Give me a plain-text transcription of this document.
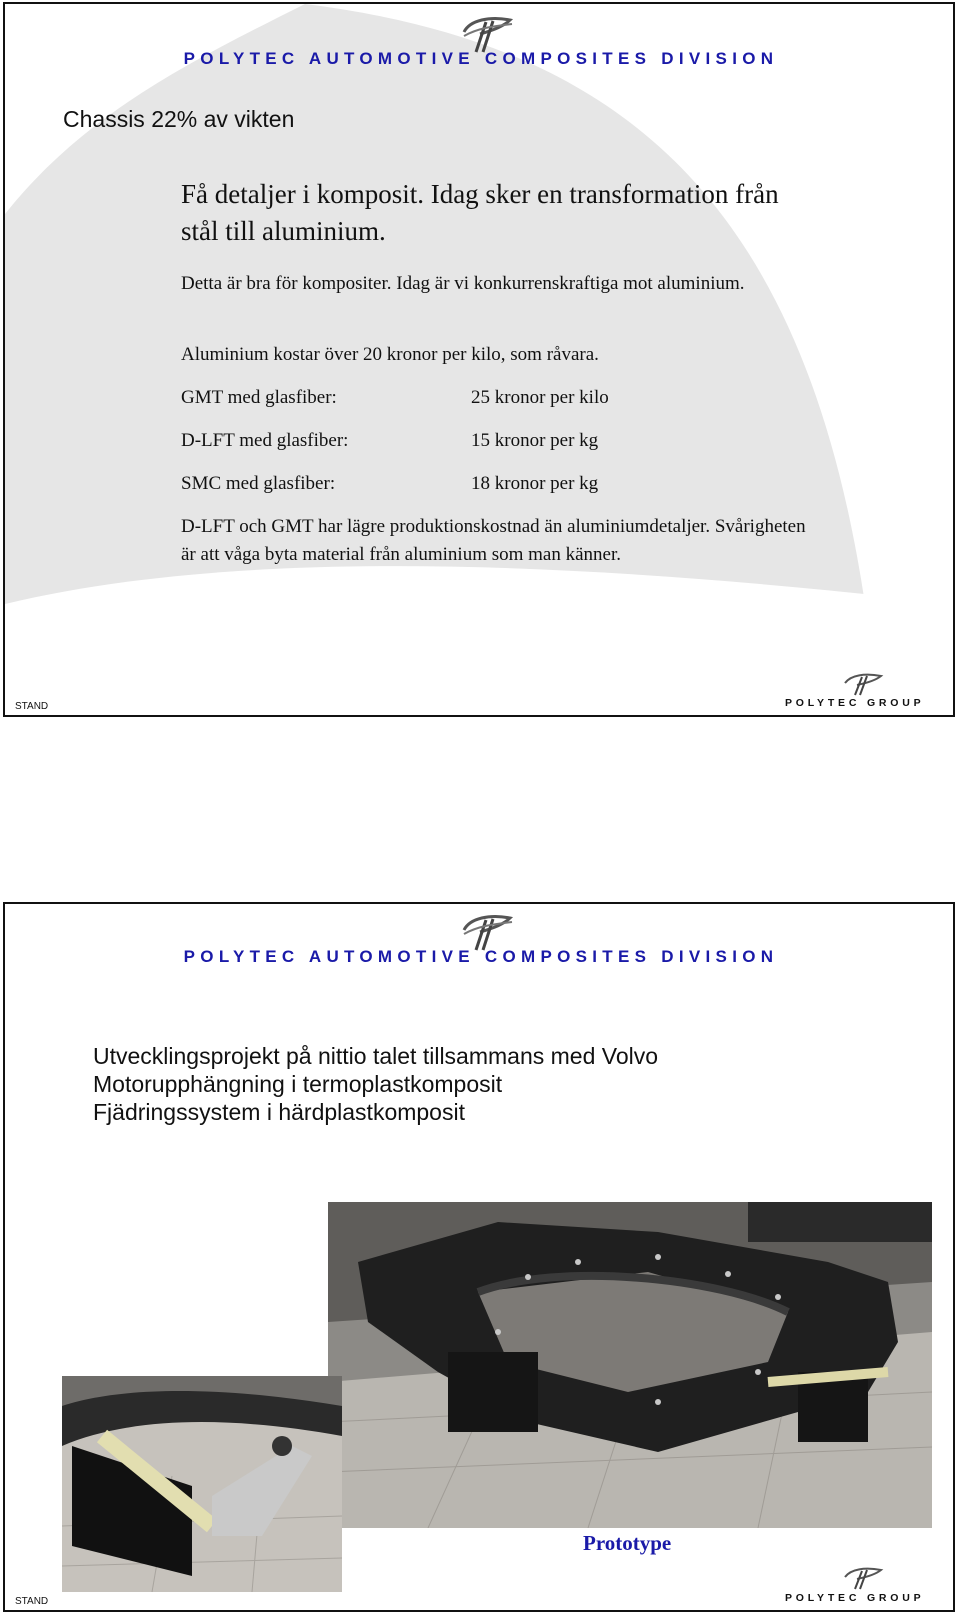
POLYTEC AUTOMOTIVE COMPOSITES DIVISION
Chassis 22% av vikten
Få detaljer i komposit. Idag sker en transformation från stål till aluminium.
Detta är bra för kompositer. Idag är vi konkurrenskraftiga mot aluminium.
Aluminium kostar över 20 kronor per kilo, som råvara.
GMT med glasfiber:	25 kronor per kilo
D-LFT med glasfiber:	15 kronor per kg
SMC med glasfiber:	18 kronor per kg
D-LFT och GMT har lägre produktionskostnad än aluminiumdetaljer. Svårigheten är att våga byta material från aluminium som man känner.
STAND	POLYTEC GROUP
POLYTEC AUTOMOTIVE COMPOSITES DIVISION
Utvecklingsprojekt på nittio talet tillsammans med Volvo
Motorupphängning i termoplastkomposit
Fjädringssystem i härdplastkomposit
Prototype
STAND	POLYTEC GROUP
